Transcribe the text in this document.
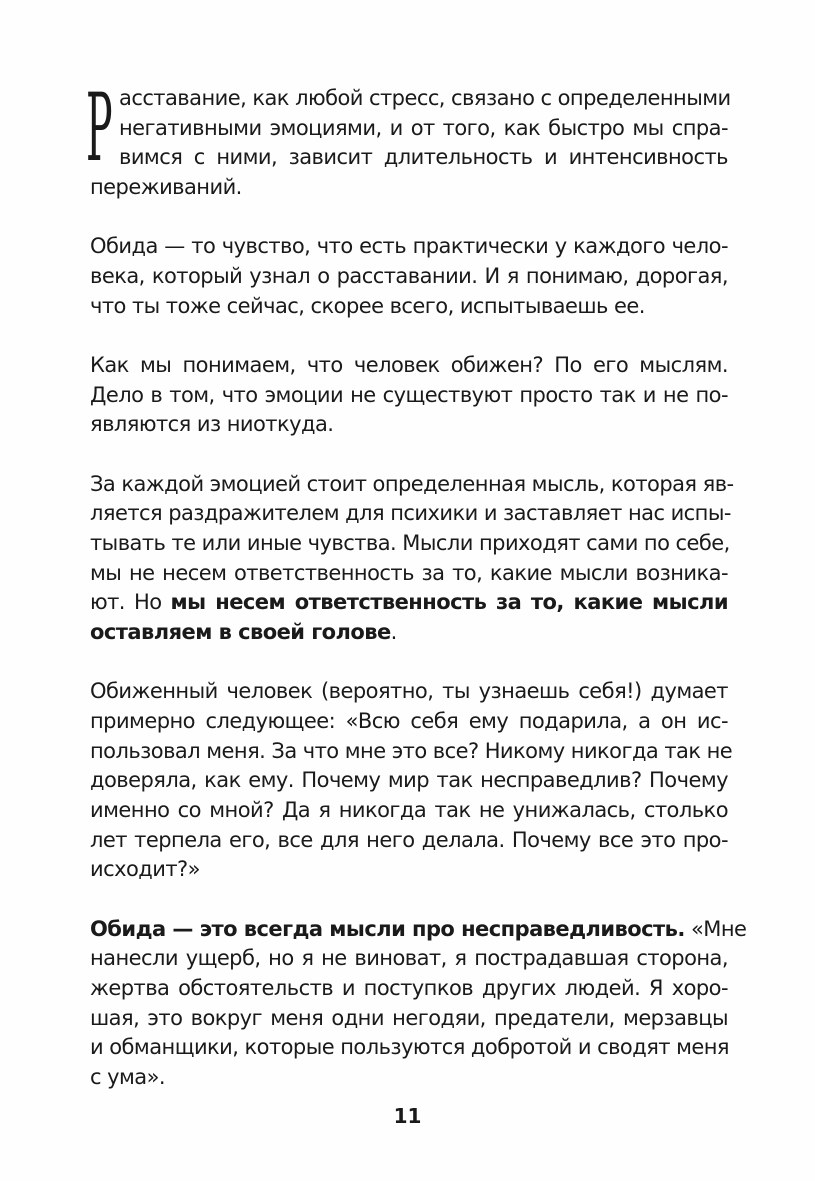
Р асставание, как любой стресс, связано с определенными
негативными эмоциями, и от того, как быстро мы спра-
вимся с ними, зависит длительность и интенсивность
переживаний.
Обида — то чувство, что есть практически у каждого чело-
века, который узнал о расставании. И я понимаю, дорогая,
что ты тоже сейчас, скорее всего, испытываешь ее.
Как мы понимаем, что человек обижен? По его мыслям.
Дело в том, что эмоции не существуют просто так и не по-
являются из ниоткуда.
За каждой эмоцией стоит определенная мысль, которая яв-
ляется раздражителем для психики и заставляет нас испы-
тывать те или иные чувства. Мысли приходят сами по себе,
мы не несем ответственность за то, какие мысли возника-
ют. Но мы несем ответственность за то, какие мысли
оставляем в своей голове.
Обиженный человек (вероятно, ты узнаешь себя!) думает
примерно следующее: «Всю себя ему подарила, а он ис-
пользовал меня. За что мне это все? Никому никогда так не
доверяла, как ему. Почему мир так несправедлив? Почему
именно со мной? Да я никогда так не унижалась, столько
лет терпела его, все для него делала. Почему все это про-
исходит?»
Обида — это всегда мысли про несправедливость. «Мне
нанесли ущерб, но я не виноват, я пострадавшая сторона,
жертва обстоятельств и поступков других людей. Я хоро-
шая, это вокруг меня одни негодяи, предатели, мерзавцы
и обманщики, которые пользуются добротой и сводят меня
с ума».
11
